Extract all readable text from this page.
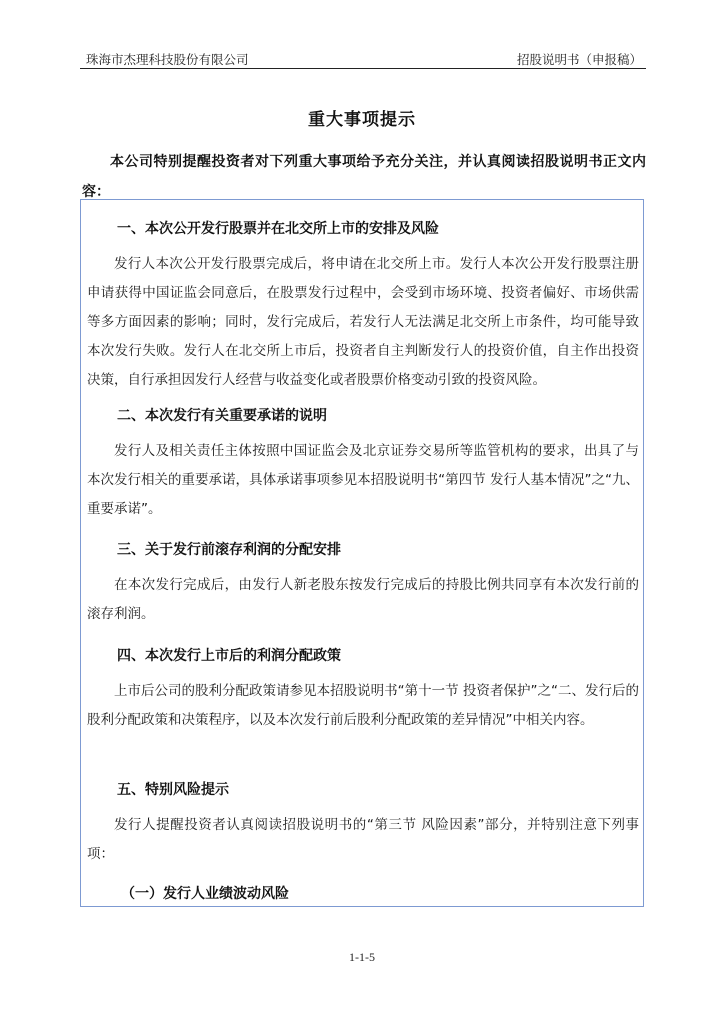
珠海市杰理科技股份有限公司	招股说明书（申报稿）
重大事项提示
本公司特别提醒投资者对下列重大事项给予充分关注，并认真阅读招股说明书正文内容：
一、本次公开发行股票并在北交所上市的安排及风险
发行人本次公开发行股票完成后，将申请在北交所上市。发行人本次公开发行股票注册申请获得中国证监会同意后，在股票发行过程中，会受到市场环境、投资者偏好、市场供需等多方面因素的影响；同时，发行完成后，若发行人无法满足北交所上市条件，均可能导致本次发行失败。发行人在北交所上市后，投资者自主判断发行人的投资价值，自主作出投资决策，自行承担因发行人经营与收益变化或者股票价格变动引致的投资风险。
二、本次发行有关重要承诺的说明
发行人及相关责任主体按照中国证监会及北京证券交易所等监管机构的要求，出具了与本次发行相关的重要承诺，具体承诺事项参见本招股说明书“第四节 发行人基本情况”之“九、重要承诺”。
三、关于发行前滚存利润的分配安排
在本次发行完成后，由发行人新老股东按发行完成后的持股比例共同享有本次发行前的滚存利润。
四、本次发行上市后的利润分配政策
上市后公司的股利分配政策请参见本招股说明书“第十一节 投资者保护”之“二、发行后的股利分配政策和决策程序，以及本次发行前后股利分配政策的差异情况”中相关内容。
五、特别风险提示
发行人提醒投资者认真阅读招股说明书的“第三节 风险因素”部分，并特别注意下列事项：
（一）发行人业绩波动风险
1-1-5
